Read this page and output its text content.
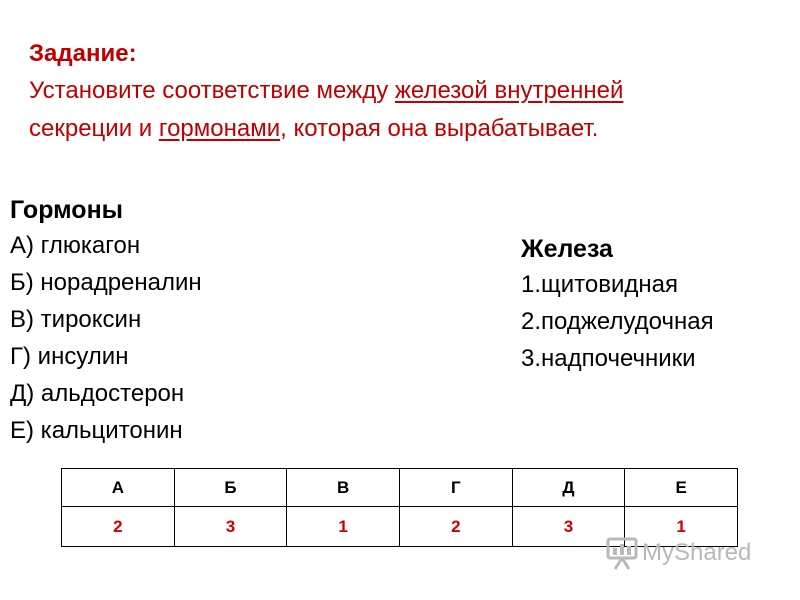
Задание:
Установите соответствие между железой внутренней
секреции и гормонами, которая она вырабатывает.
Гормоны
А) глюкагон
Б) норадреналин
В) тироксин
Г) инсулин
Д) альдостерон
Е) кальцитонин
Железа
1.щитовидная
2.поджелудочная
3.надпочечники
А	Б	В	Г	Д	Е
2	3	1	2	3	1
MyShared
